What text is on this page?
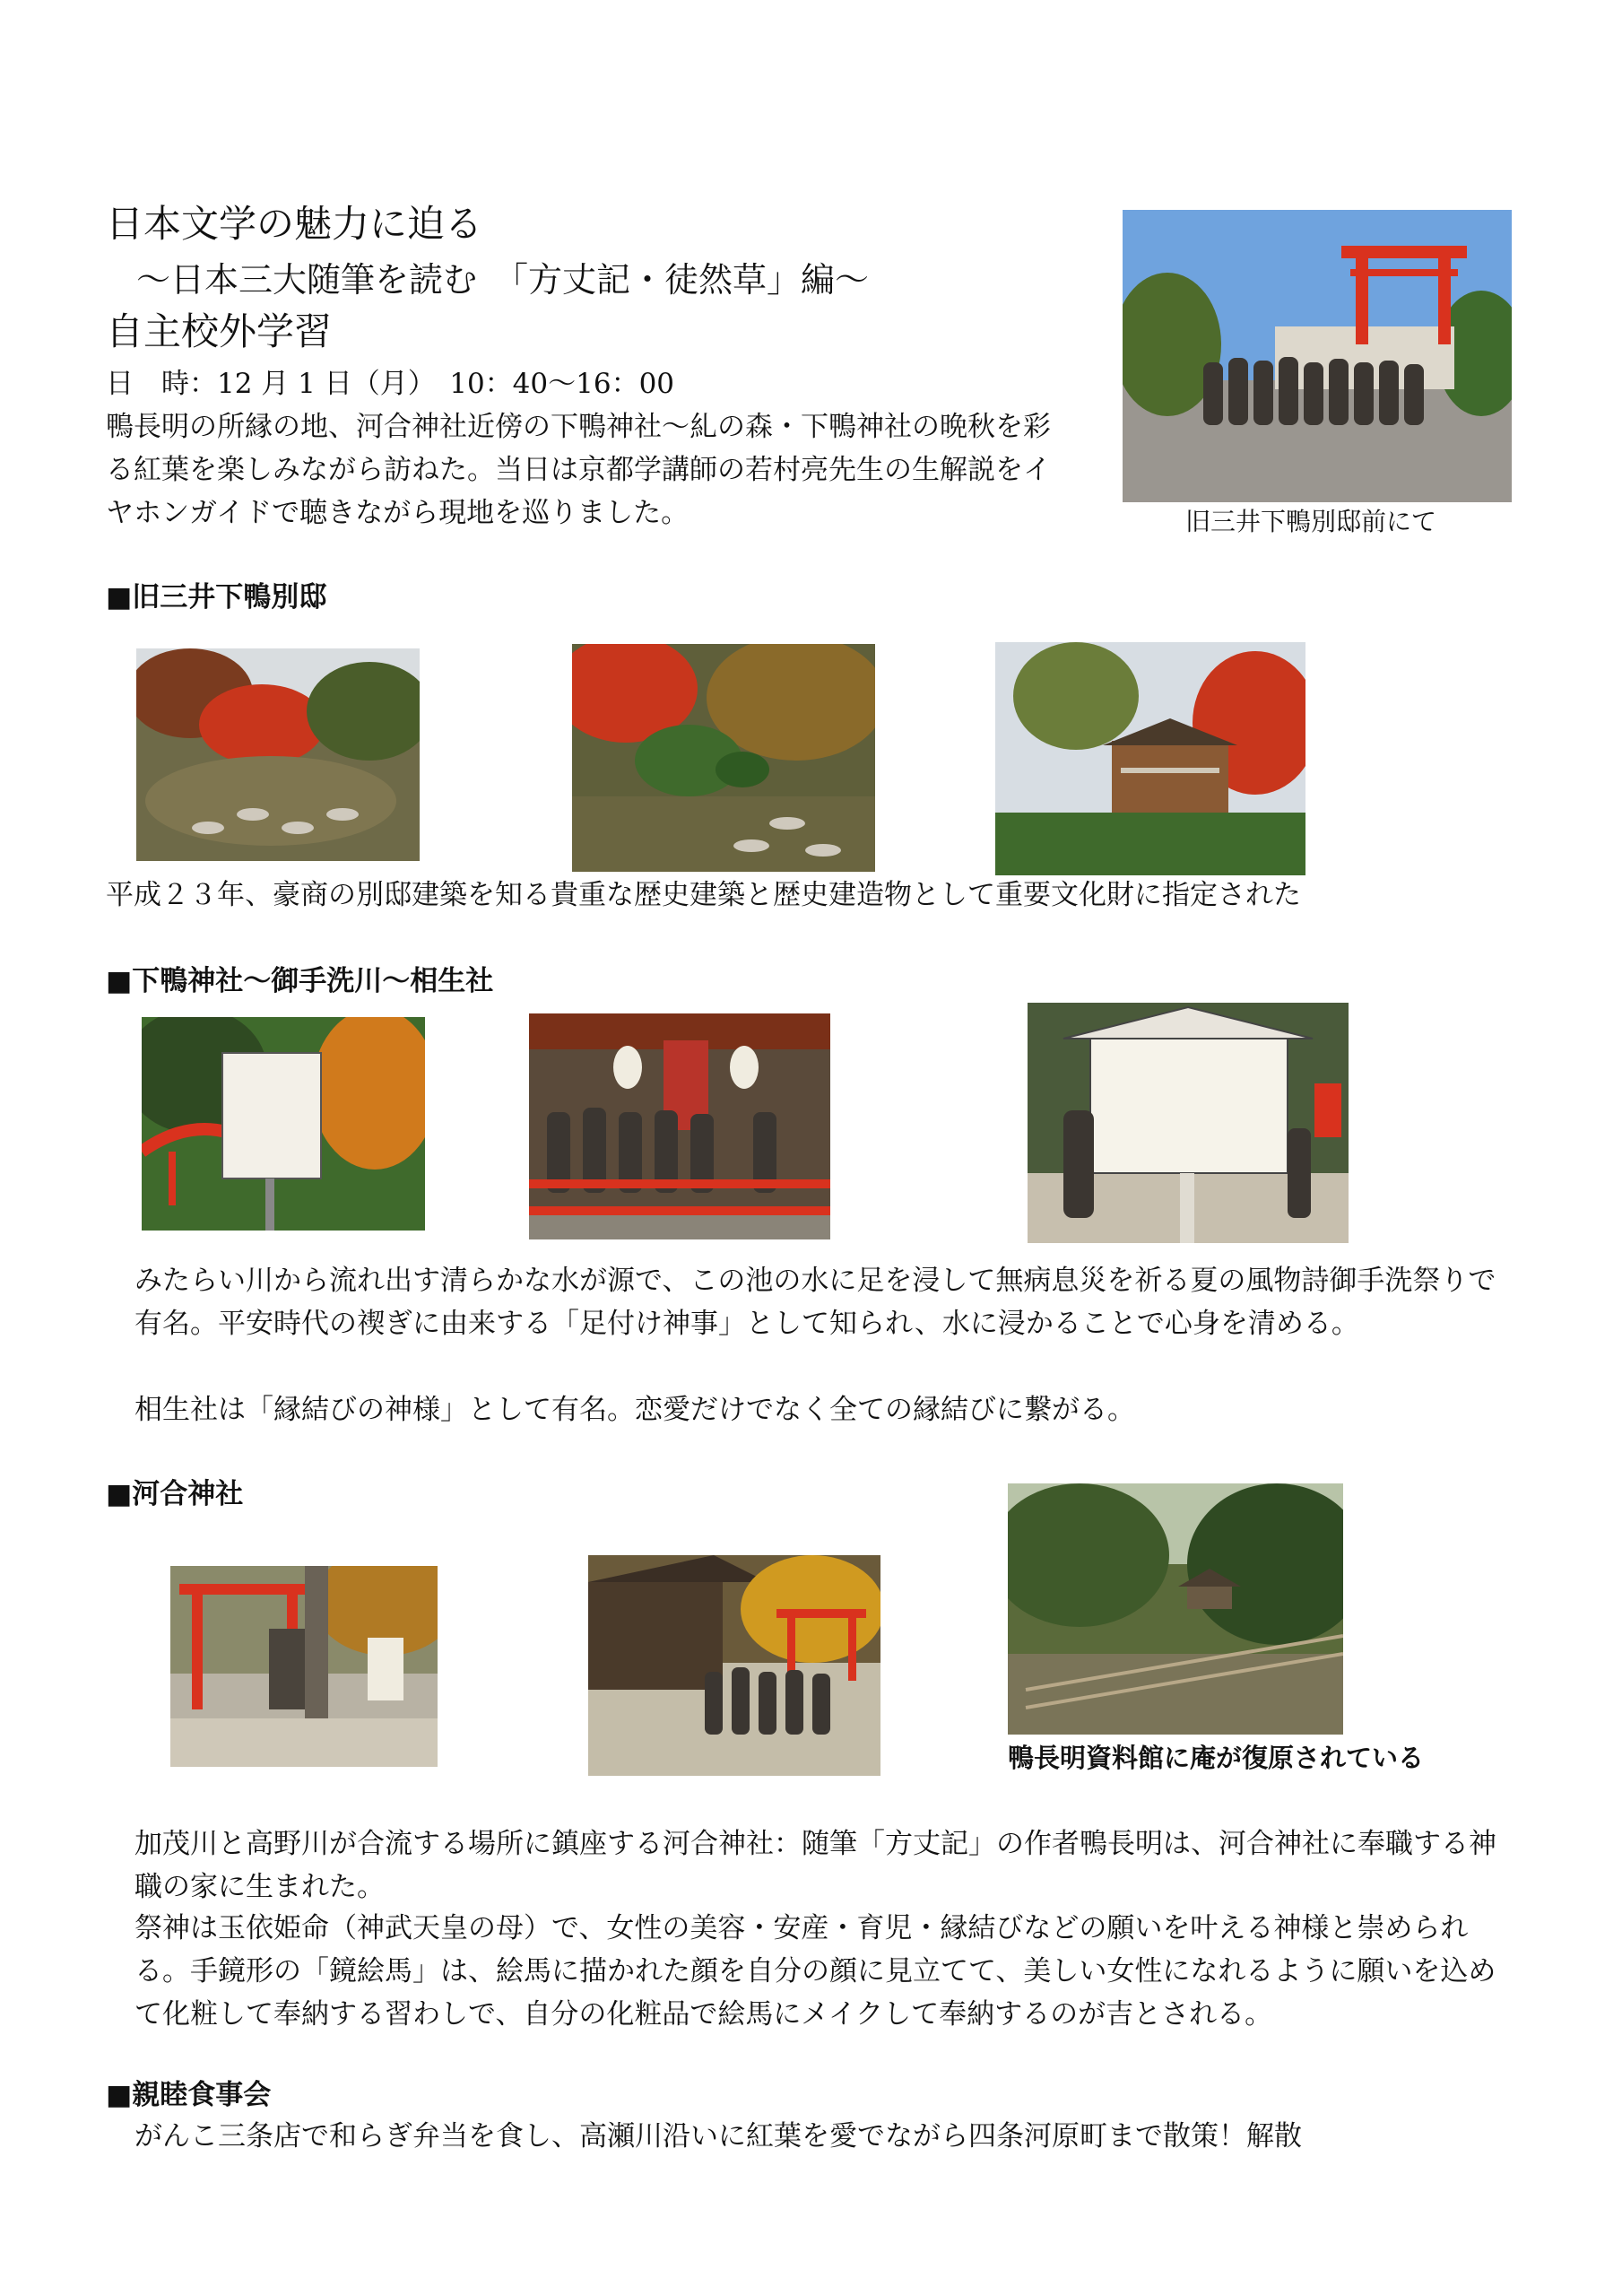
日本文学の魅力に迫る
～日本三大随筆を読む　「方丈記・徒然草」編～
自主校外学習
日　時：12 月 1 日（月）　10：40～16：00
鴨長明の所縁の地、河合神社近傍の下鴨神社～糺の森・下鴨神社の晩秋を彩る紅葉を楽しみながら訪ねた。当日は京都学講師の若村亮先生の生解説をイヤホンガイドで聴きながら現地を巡りました。	旧三井下鴨別邸前にて
■旧三井下鴨別邸
平成２３年、豪商の別邸建築を知る貴重な歴史建築と歴史建造物として重要文化財に指定された
■下鴨神社～御手洗川～相生社
みたらい川から流れ出す清らかな水が源で、この池の水に足を浸して無病息災を祈る夏の風物詩御手洗祭りで有名。平安時代の禊ぎに由来する「足付け神事」として知られ、水に浸かることで心身を清める。
相生社は「縁結びの神様」として有名。恋愛だけでなく全ての縁結びに繋がる。
■河合神社
鴨長明資料館に庵が復原されている
加茂川と高野川が合流する場所に鎮座する河合神社：随筆「方丈記」の作者鴨長明は、河合神社に奉職する神職の家に生まれた。
祭神は玉依姫命（神武天皇の母）で、女性の美容・安産・育児・縁結びなどの願いを叶える神様と崇められる。手鏡形の「鏡絵馬」は、絵馬に描かれた顔を自分の顔に見立てて、美しい女性になれるように願いを込めて化粧して奉納する習わしで、自分の化粧品で絵馬にメイクして奉納するのが吉とされる。
■親睦食事会
がんこ三条店で和らぎ弁当を食し、高瀬川沿いに紅葉を愛でながら四条河原町まで散策！解散
